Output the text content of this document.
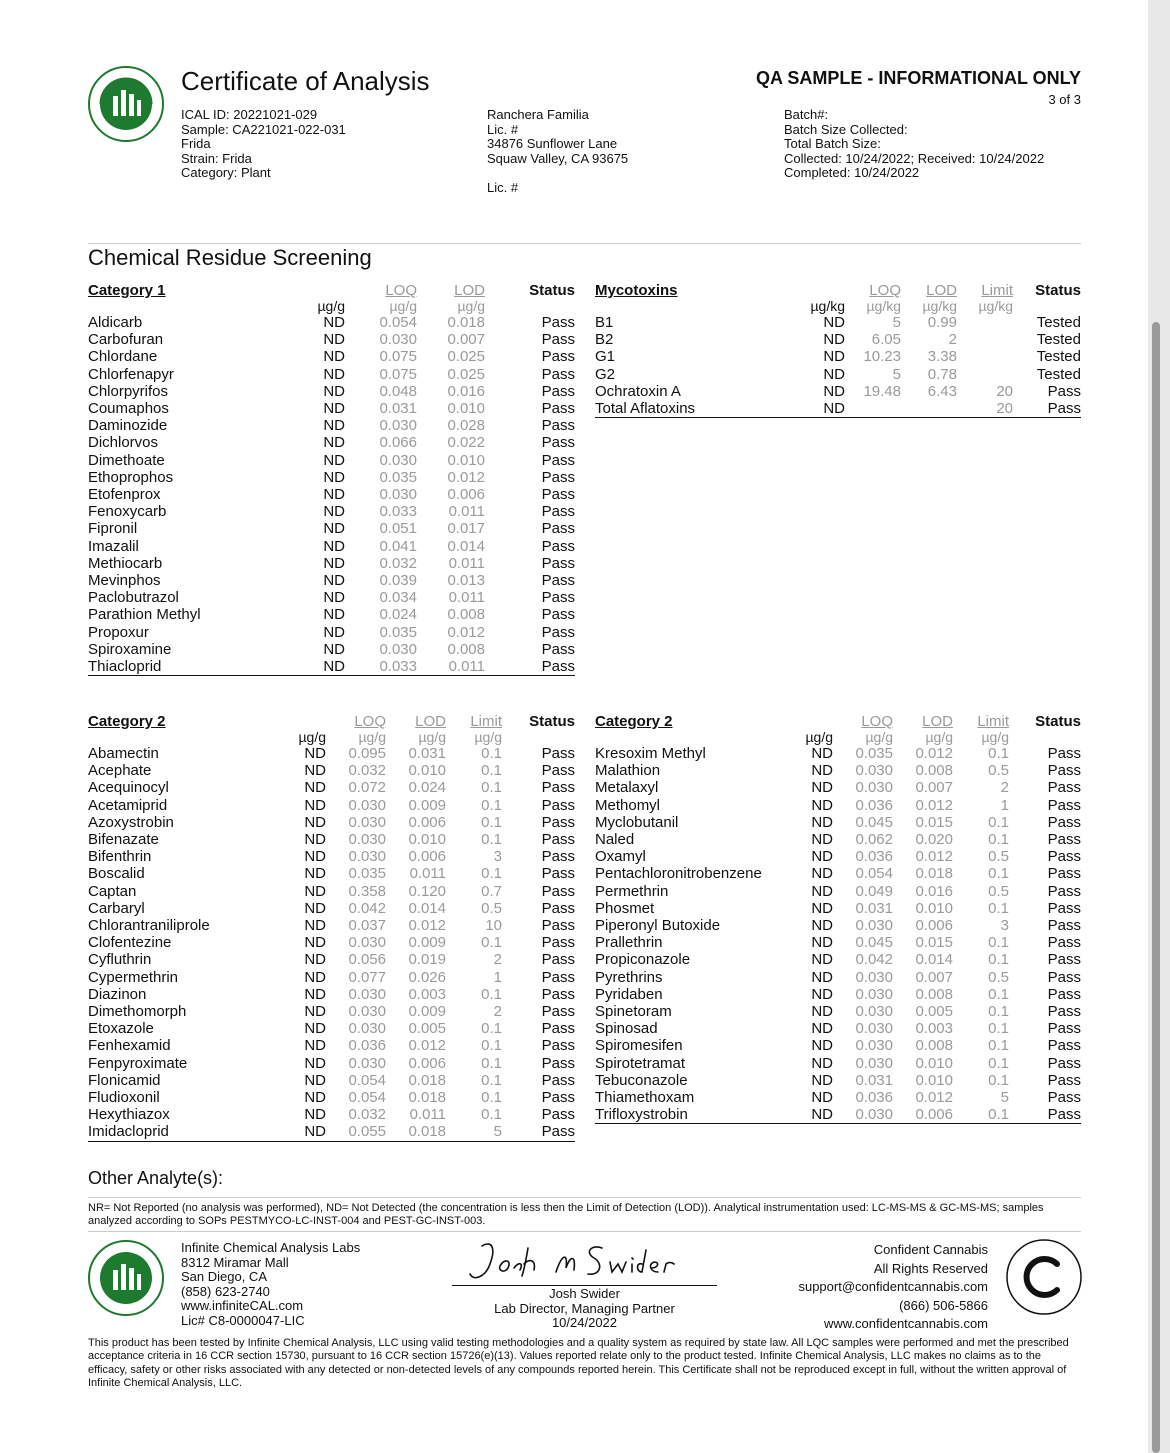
Certificate of Analysis	QA SAMPLE - INFORMATIONAL ONLY
3 of 3
ICAL ID: 20221021-029
Sample: CA221021-022-031
Frida
Strain: Frida
Category: Plant
Ranchera Familia
Lic. #
34876 Sunflower Lane
Squaw Valley, CA 93675
Lic. #
Batch#:
Batch Size Collected:
Total Batch Size:
Collected: 10/24/2022; Received: 10/24/2022
Completed: 10/24/2022
Chemical Residue Screening
Category 1		LOQ	LOD	Status
	µg/g	µg/g	µg/g	
Aldicarb	ND	0.054	0.018	Pass
Carbofuran	ND	0.030	0.007	Pass
Chlordane	ND	0.075	0.025	Pass
Chlorfenapyr	ND	0.075	0.025	Pass
Chlorpyrifos	ND	0.048	0.016	Pass
Coumaphos	ND	0.031	0.010	Pass
Daminozide	ND	0.030	0.028	Pass
Dichlorvos	ND	0.066	0.022	Pass
Dimethoate	ND	0.030	0.010	Pass
Ethoprophos	ND	0.035	0.012	Pass
Etofenprox	ND	0.030	0.006	Pass
Fenoxycarb	ND	0.033	0.011	Pass
Fipronil	ND	0.051	0.017	Pass
Imazalil	ND	0.041	0.014	Pass
Methiocarb	ND	0.032	0.011	Pass
Mevinphos	ND	0.039	0.013	Pass
Paclobutrazol	ND	0.034	0.011	Pass
Parathion Methyl	ND	0.024	0.008	Pass
Propoxur	ND	0.035	0.012	Pass
Spiroxamine	ND	0.030	0.008	Pass
Thiacloprid	ND	0.033	0.011	Pass
Mycotoxins		LOQ	LOD	Limit	Status
	µg/kg	µg/kg	µg/kg	µg/kg	
B1	ND	5	0.99		Tested
B2	ND	6.05	2		Tested
G1	ND	10.23	3.38		Tested
G2	ND	5	0.78		Tested
Ochratoxin A	ND	19.48	6.43	20	Pass
Total Aflatoxins	ND			20	Pass
Category 2		LOQ	LOD	Limit	Status
	µg/g	µg/g	µg/g	µg/g	
Abamectin	ND	0.095	0.031	0.1	Pass
Acephate	ND	0.032	0.010	0.1	Pass
Acequinocyl	ND	0.072	0.024	0.1	Pass
Acetamiprid	ND	0.030	0.009	0.1	Pass
Azoxystrobin	ND	0.030	0.006	0.1	Pass
Bifenazate	ND	0.030	0.010	0.1	Pass
Bifenthrin	ND	0.030	0.006	3	Pass
Boscalid	ND	0.035	0.011	0.1	Pass
Captan	ND	0.358	0.120	0.7	Pass
Carbaryl	ND	0.042	0.014	0.5	Pass
Chlorantraniliprole	ND	0.037	0.012	10	Pass
Clofentezine	ND	0.030	0.009	0.1	Pass
Cyfluthrin	ND	0.056	0.019	2	Pass
Cypermethrin	ND	0.077	0.026	1	Pass
Diazinon	ND	0.030	0.003	0.1	Pass
Dimethomorph	ND	0.030	0.009	2	Pass
Etoxazole	ND	0.030	0.005	0.1	Pass
Fenhexamid	ND	0.036	0.012	0.1	Pass
Fenpyroximate	ND	0.030	0.006	0.1	Pass
Flonicamid	ND	0.054	0.018	0.1	Pass
Fludioxonil	ND	0.054	0.018	0.1	Pass
Hexythiazox	ND	0.032	0.011	0.1	Pass
Imidacloprid	ND	0.055	0.018	5	Pass
Category 2		LOQ	LOD	Limit	Status
	µg/g	µg/g	µg/g	µg/g	
Kresoxim Methyl	ND	0.035	0.012	0.1	Pass
Malathion	ND	0.030	0.008	0.5	Pass
Metalaxyl	ND	0.030	0.007	2	Pass
Methomyl	ND	0.036	0.012	1	Pass
Myclobutanil	ND	0.045	0.015	0.1	Pass
Naled	ND	0.062	0.020	0.1	Pass
Oxamyl	ND	0.036	0.012	0.5	Pass
Pentachloronitrobenzene	ND	0.054	0.018	0.1	Pass
Permethrin	ND	0.049	0.016	0.5	Pass
Phosmet	ND	0.031	0.010	0.1	Pass
Piperonyl Butoxide	ND	0.030	0.006	3	Pass
Prallethrin	ND	0.045	0.015	0.1	Pass
Propiconazole	ND	0.042	0.014	0.1	Pass
Pyrethrins	ND	0.030	0.007	0.5	Pass
Pyridaben	ND	0.030	0.008	0.1	Pass
Spinetoram	ND	0.030	0.005	0.1	Pass
Spinosad	ND	0.030	0.003	0.1	Pass
Spiromesifen	ND	0.030	0.008	0.1	Pass
Spirotetramat	ND	0.030	0.010	0.1	Pass
Tebuconazole	ND	0.031	0.010	0.1	Pass
Thiamethoxam	ND	0.036	0.012	5	Pass
Trifloxystrobin	ND	0.030	0.006	0.1	Pass
Other Analyte(s):
NR= Not Reported (no analysis was performed), ND= Not Detected (the concentration is less then the Limit of Detection (LOD)). Analytical instrumentation used: LC-MS-MS & GC-MS-MS; samples analyzed according to SOPs PESTMYCO-LC-INST-004 and PEST-GC-INST-003.
Infinite Chemical Analysis Labs
8312 Miramar Mall
San Diego, CA
(858) 623-2740
www.infiniteCAL.com
Lic# C8-0000047-LIC
Josh Swider
Lab Director, Managing Partner
10/24/2022
Confident Cannabis
All Rights Reserved
support@confidentcannabis.com
(866) 506-5866
www.confidentcannabis.com
This product has been tested by Infinite Chemical Analysis, LLC using valid testing methodologies and a quality system as required by state law. All LQC samples were performed and met the prescribed acceptance criteria in 16 CCR section 15730, pursuant to 16 CCR section 15726(e)(13). Values reported relate only to the product tested. Infinite Chemical Analysis, LLC makes no claims as to the efficacy, safety or other risks associated with any detected or non-detected levels of any compounds reported herein. This Certificate shall not be reproduced except in full, without the written approval of Infinite Chemical Analysis, LLC.
